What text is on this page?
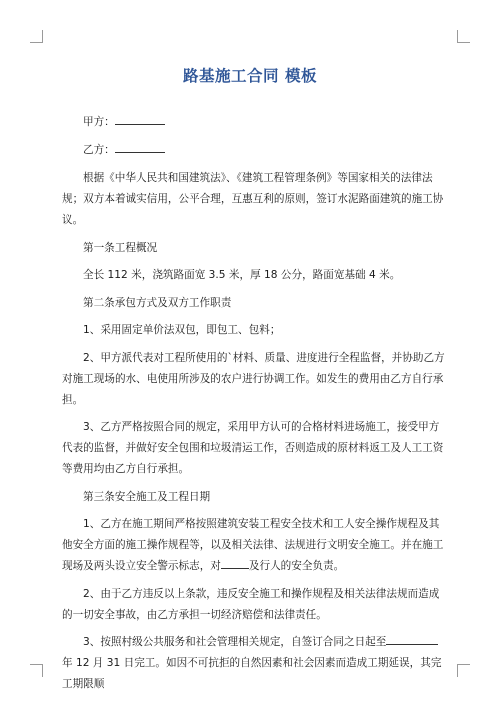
路基施工合同 模板

甲方：

乙方：

根据《中华人民共和国建筑法》、《建筑工程管理条例》等国家相关的法律法规；双方本着诚实信用，公平合理，互惠互利的原则，签订水泥路面建筑的施工协议。

第一条工程概况

全长 112 米，浇筑路面宽 3.5 米，厚 18 公分，路面宽基础 4 米。

第二条承包方式及双方工作职责

1、采用固定单价法双包，即包工、包料；

2、甲方派代表对工程所使用的`材料、质量、进度进行全程监督，并协助乙方对施工现场的水、电使用所涉及的农户进行协调工作。如发生的费用由乙方自行承担。

3、乙方严格按照合同的规定，采用甲方认可的合格材料进场施工，接受甲方代表的监督，并做好安全包围和垃圾清运工作，否则造成的原材料返工及人工工资等费用均由乙方自行承担。

第三条安全施工及工程日期

1、乙方在施工期间严格按照建筑安装工程安全技术和工人安全操作规程及其他安全方面的施工操作规程等，以及相关法律、法规进行文明安全施工。并在施工现场及两头设立安全警示标志，对	及行人的安全负责。

2、由于乙方违反以上条款，违反安全施工和操作规程及相关法律法规而造成的一切安全事故，由乙方承担一切经济赔偿和法律责任。

3、按照村级公共服务和社会管理相关规定，自签订合同之日起至年 12 月 31 日完工。如因不可抗拒的自然因素和社会因素而造成工期延误，其完工期限顺
